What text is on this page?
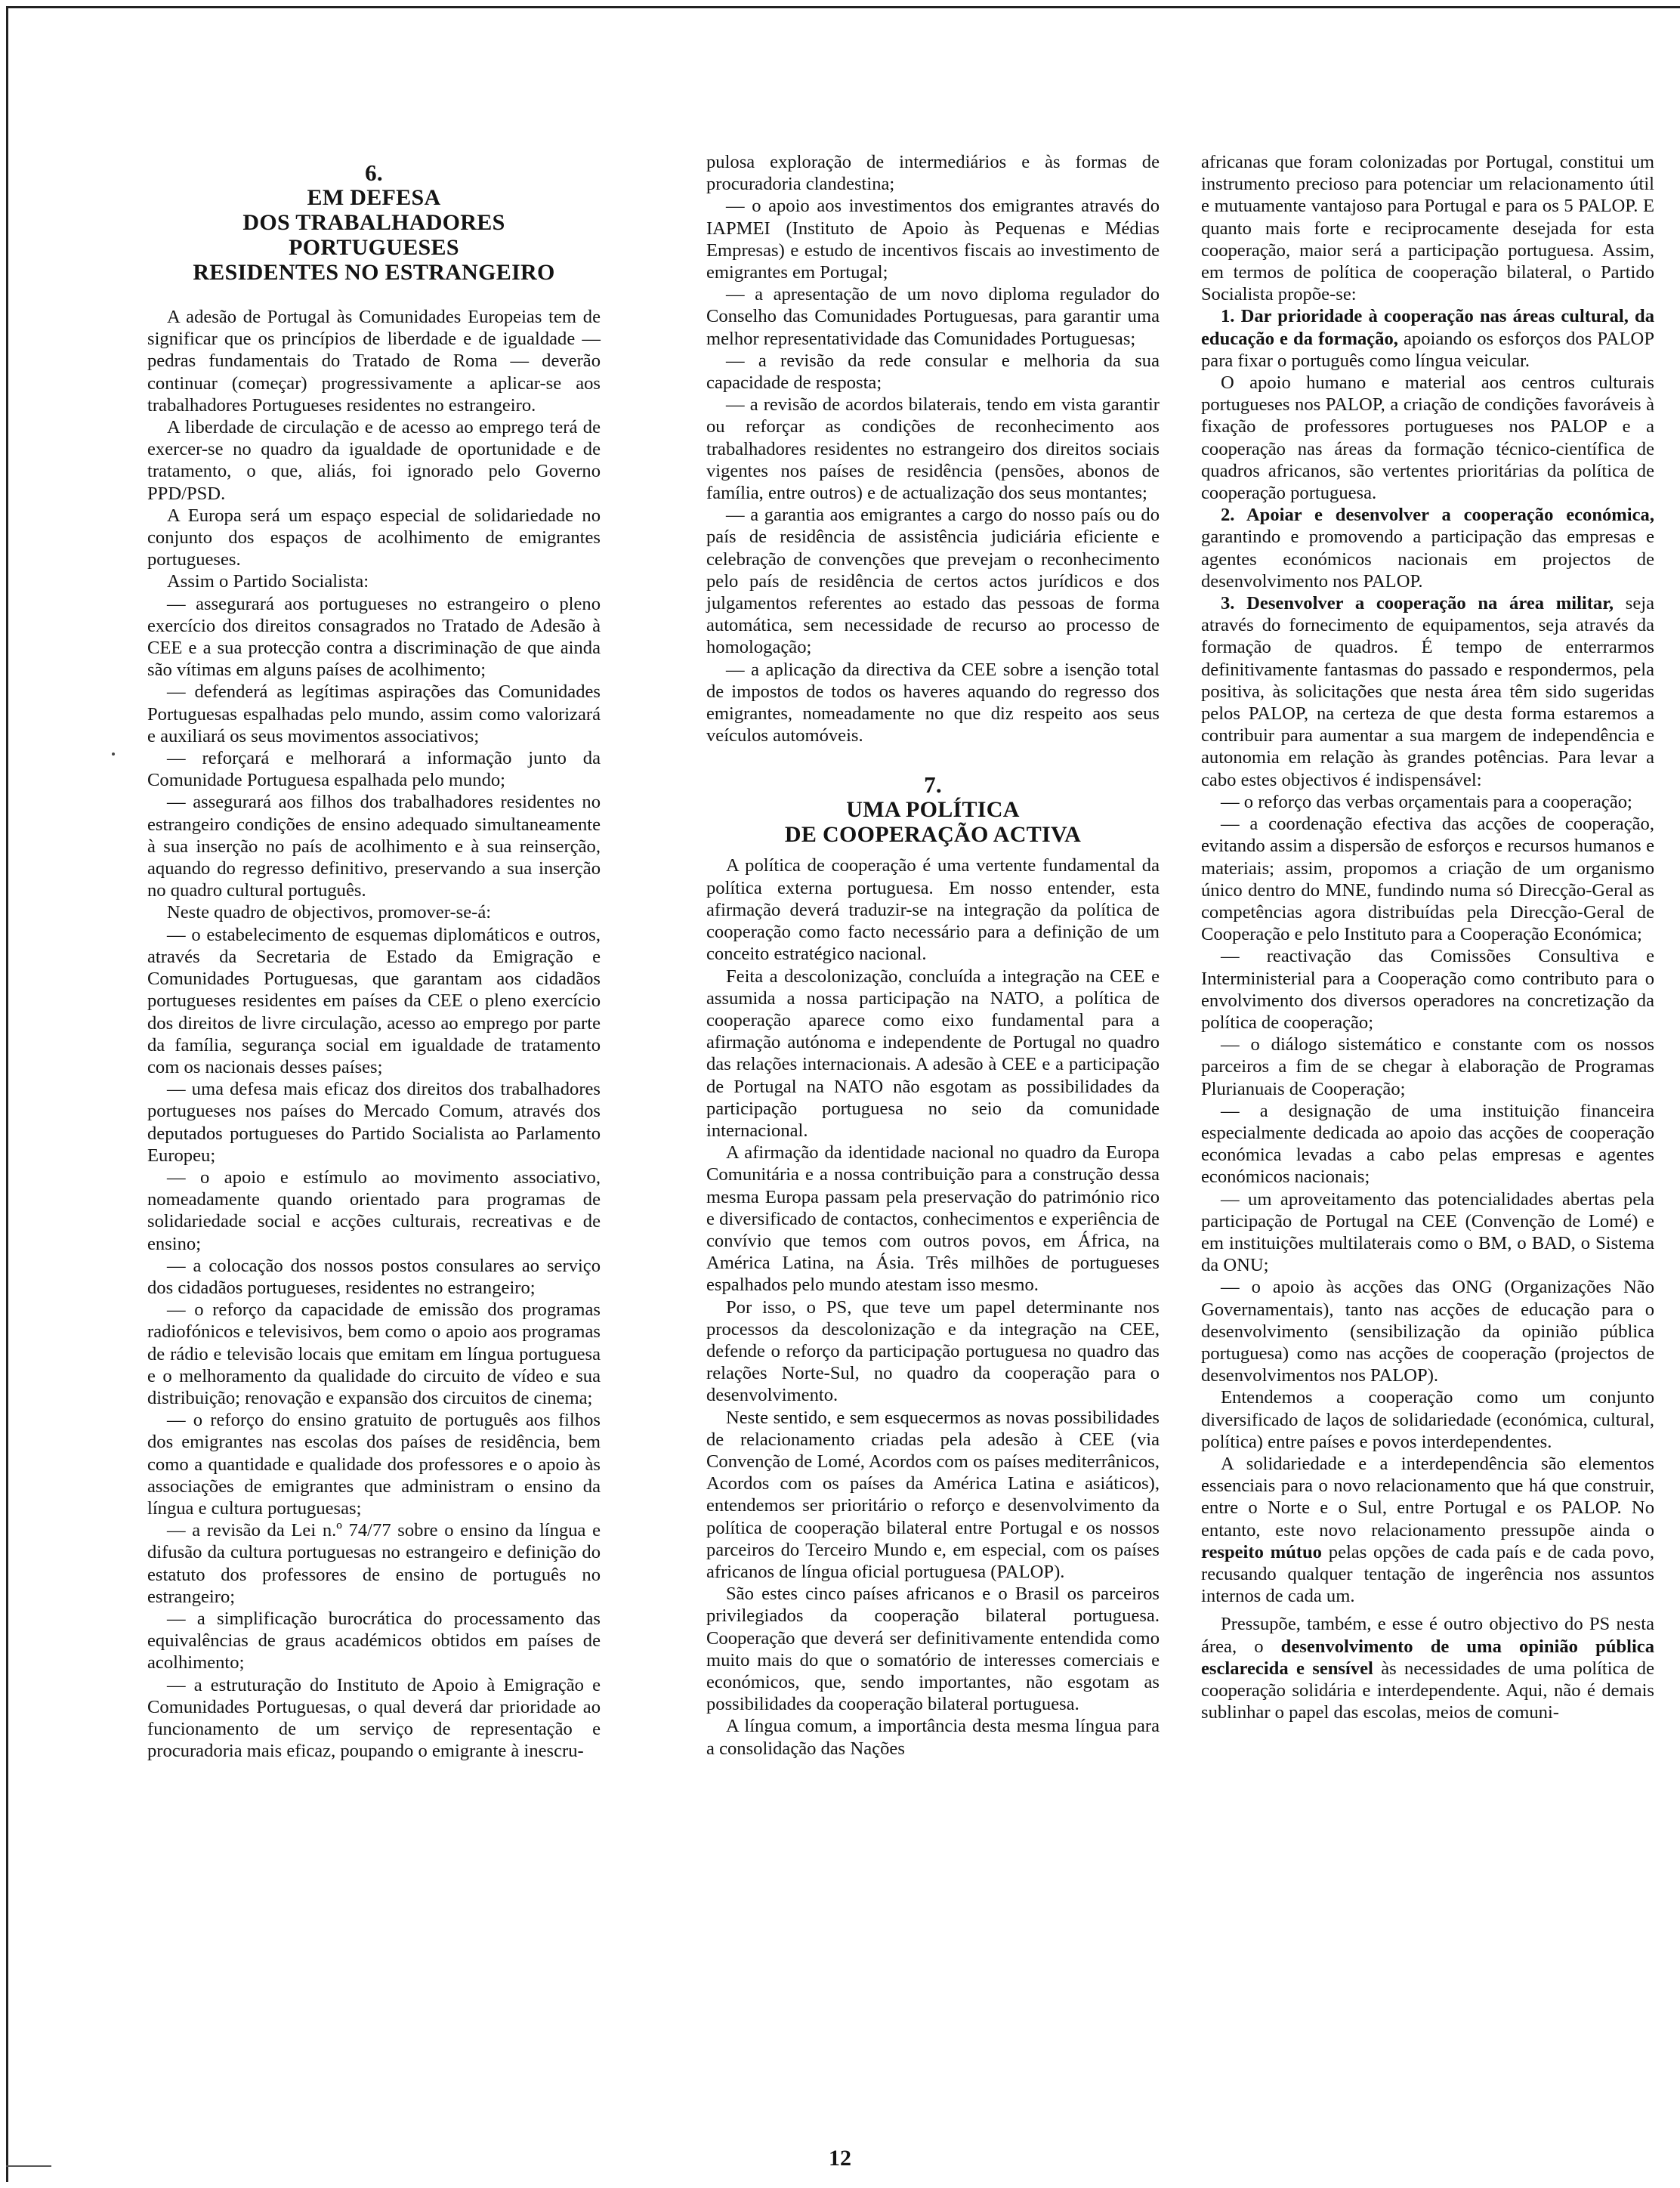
6.
EM DEFESA
DOS TRABALHADORES
PORTUGUESES
RESIDENTES NO ESTRANGEIRO

A adesão de Portugal às Comunidades Europeias tem de significar que os princípios de liberdade e de igualdade — pedras fundamentais do Tratado de Roma — deverão continuar (começar) progressivamente a aplicar-se aos trabalhadores Portugueses residentes no estrangeiro.

A liberdade de circulação e de acesso ao emprego terá de exercer-se no quadro da igualdade de oportunidade e de tratamento, o que, aliás, foi ignorado pelo Governo PPD/PSD.

A Europa será um espaço especial de solidariedade no conjunto dos espaços de acolhimento de emigrantes portugueses.

Assim o Partido Socialista:

— assegurará aos portugueses no estrangeiro o pleno exercício dos direitos consagrados no Tratado de Adesão à CEE e a sua protecção contra a discriminação de que ainda são vítimas em alguns países de acolhimento;

— defenderá as legítimas aspirações das Comunidades Portuguesas espalhadas pelo mundo, assim como valorizará e auxiliará os seus movimentos associativos;

— reforçará e melhorará a informação junto da Comunidade Portuguesa espalhada pelo mundo;

— assegurará aos filhos dos trabalhadores residentes no estrangeiro condições de ensino adequado simultaneamente à sua inserção no país de acolhimento e à sua reinserção, aquando do regresso definitivo, preservando a sua inserção no quadro cultural português.

Neste quadro de objectivos, promover-se-á:

— o estabelecimento de esquemas diplomáticos e outros, através da Secretaria de Estado da Emigração e Comunidades Portuguesas, que garantam aos cidadãos portugueses residentes em países da CEE o pleno exercício dos direitos de livre circulação, acesso ao emprego por parte da família, segurança social em igualdade de tratamento com os nacionais desses países;

— uma defesa mais eficaz dos direitos dos trabalhadores portugueses nos países do Mercado Comum, através dos deputados portugueses do Partido Socialista ao Parlamento Europeu;

— o apoio e estímulo ao movimento associativo, nomeadamente quando orientado para programas de solidariedade social e acções culturais, recreativas e de ensino;

— a colocação dos nossos postos consulares ao serviço dos cidadãos portugueses, residentes no estrangeiro;

— o reforço da capacidade de emissão dos programas radiofónicos e televisivos, bem como o apoio aos programas de rádio e televisão locais que emitam em língua portuguesa e o melhoramento da qualidade do circuito de vídeo e sua distribuição; renovação e expansão dos circuitos de cinema;

— o reforço do ensino gratuito de português aos filhos dos emigrantes nas escolas dos países de residência, bem como a quantidade e qualidade dos professores e o apoio às associações de emigrantes que administram o ensino da língua e cultura portuguesas;

— a revisão da Lei n.º 74/77 sobre o ensino da língua e difusão da cultura portuguesas no estrangeiro e definição do estatuto dos professores de ensino de português no estrangeiro;

— a simplificação burocrática do processamento das equivalências de graus académicos obtidos em países de acolhimento;

— a estruturação do Instituto de Apoio à Emigração e Comunidades Portuguesas, o qual deverá dar prioridade ao funcionamento de um serviço de representação e procuradoria mais eficaz, poupando o emigrante à inescru-

pulosa exploração de intermediários e às formas de procuradoria clandestina;

— o apoio aos investimentos dos emigrantes através do IAPMEI (Instituto de Apoio às Pequenas e Médias Empresas) e estudo de incentivos fiscais ao investimento de emigrantes em Portugal;

— a apresentação de um novo diploma regulador do Conselho das Comunidades Portuguesas, para garantir uma melhor representatividade das Comunidades Portuguesas;

— a revisão da rede consular e melhoria da sua capacidade de resposta;

— a revisão de acordos bilaterais, tendo em vista garantir ou reforçar as condições de reconhecimento aos trabalhadores residentes no estrangeiro dos direitos sociais vigentes nos países de residência (pensões, abonos de família, entre outros) e de actualização dos seus montantes;

— a garantia aos emigrantes a cargo do nosso país ou do país de residência de assistência judiciária eficiente e celebração de convenções que prevejam o reconhecimento pelo país de residência de certos actos jurídicos e dos julgamentos referentes ao estado das pessoas de forma automática, sem necessidade de recurso ao processo de homologação;

— a aplicação da directiva da CEE sobre a isenção total de impostos de todos os haveres aquando do regresso dos emigrantes, nomeadamente no que diz respeito aos seus veículos automóveis.

7.
UMA POLÍTICA
DE COOPERAÇÃO ACTIVA

A política de cooperação é uma vertente fundamental da política externa portuguesa. Em nosso entender, esta afirmação deverá traduzir-se na integração da política de cooperação como facto necessário para a definição de um conceito estratégico nacional.

Feita a descolonização, concluída a integração na CEE e assumida a nossa participação na NATO, a política de cooperação aparece como eixo fundamental para a afirmação autónoma e independente de Portugal no quadro das relações internacionais. A adesão à CEE e a participação de Portugal na NATO não esgotam as possibilidades da participação portuguesa no seio da comunidade internacional.

A afirmação da identidade nacional no quadro da Europa Comunitária e a nossa contribuição para a construção dessa mesma Europa passam pela preservação do património rico e diversificado de contactos, conhecimentos e experiência de convívio que temos com outros povos, em África, na América Latina, na Ásia. Três milhões de portugueses espalhados pelo mundo atestam isso mesmo.

Por isso, o PS, que teve um papel determinante nos processos da descolonização e da integração na CEE, defende o reforço da participação portuguesa no quadro das relações Norte-Sul, no quadro da cooperação para o desenvolvimento.

Neste sentido, e sem esquecermos as novas possibilidades de relacionamento criadas pela adesão à CEE (via Convenção de Lomé, Acordos com os países mediterrânicos, Acordos com os países da América Latina e asiáticos), entendemos ser prioritário o reforço e desenvolvimento da política de cooperação bilateral entre Portugal e os nossos parceiros do Terceiro Mundo e, em especial, com os países africanos de língua oficial portuguesa (PALOP).

São estes cinco países africanos e o Brasil os parceiros privilegiados da cooperação bilateral portuguesa. Cooperação que deverá ser definitivamente entendida como muito mais do que o somatório de interesses comerciais e económicos, que, sendo importantes, não esgotam as possibilidades da cooperação bilateral portuguesa.

A língua comum, a importância desta mesma língua para a consolidação das Nações

africanas que foram colonizadas por Portugal, constitui um instrumento precioso para potenciar um relacionamento útil e mutuamente vantajoso para Portugal e para os 5 PALOP. E quanto mais forte e reciprocamente desejada for esta cooperação, maior será a participação portuguesa. Assim, em termos de política de cooperação bilateral, o Partido Socialista propõe-se:

1. Dar prioridade à cooperação nas áreas cultural, da educação e da formação, apoiando os esforços dos PALOP para fixar o português como língua veicular.

O apoio humano e material aos centros culturais portugueses nos PALOP, a criação de condições favoráveis à fixação de professores portugueses nos PALOP e a cooperação nas áreas da formação técnico-científica de quadros africanos, são vertentes prioritárias da política de cooperação portuguesa.

2. Apoiar e desenvolver a cooperação económica, garantindo e promovendo a participação das empresas e agentes económicos nacionais em projectos de desenvolvimento nos PALOP.

3. Desenvolver a cooperação na área militar, seja através do fornecimento de equipamentos, seja através da formação de quadros. É tempo de enterrarmos definitivamente fantasmas do passado e respondermos, pela positiva, às solicitações que nesta área têm sido sugeridas pelos PALOP, na certeza de que desta forma estaremos a contribuir para aumentar a sua margem de independência e autonomia em relação às grandes potências. Para levar a cabo estes objectivos é indispensável:

— o reforço das verbas orçamentais para a cooperação;

— a coordenação efectiva das acções de cooperação, evitando assim a dispersão de esforços e recursos humanos e materiais; assim, propomos a criação de um organismo único dentro do MNE, fundindo numa só Direcção-Geral as competências agora distribuídas pela Direcção-Geral de Cooperação e pelo Instituto para a Cooperação Económica;

— reactivação das Comissões Consultiva e Interministerial para a Cooperação como contributo para o envolvimento dos diversos operadores na concretização da política de cooperação;

— o diálogo sistemático e constante com os nossos parceiros a fim de se chegar à elaboração de Programas Plurianuais de Cooperação;

— a designação de uma instituição financeira especialmente dedicada ao apoio das acções de cooperação económica levadas a cabo pelas empresas e agentes económicos nacionais;

— um aproveitamento das potencialidades abertas pela participação de Portugal na CEE (Convenção de Lomé) e em instituições multilaterais como o BM, o BAD, o Sistema da ONU;

— o apoio às acções das ONG (Organizações Não Governamentais), tanto nas acções de educação para o desenvolvimento (sensibilização da opinião pública portuguesa) como nas acções de cooperação (projectos de desenvolvimentos nos PALOP).

Entendemos a cooperação como um conjunto diversificado de laços de solidariedade (económica, cultural, política) entre países e povos interdependentes.

A solidariedade e a interdependência são elementos essenciais para o novo relacionamento que há que construir, entre o Norte e o Sul, entre Portugal e os PALOP. No entanto, este novo relacionamento pressupõe ainda o respeito mútuo pelas opções de cada país e de cada povo, recusando qualquer tentação de ingerência nos assuntos internos de cada um.

Pressupõe, também, e esse é outro objectivo do PS nesta área, o desenvolvimento de uma opinião pública esclarecida e sensível às necessidades de uma política de cooperação solidária e interdependente. Aqui, não é demais sublinhar o papel das escolas, meios de comuni-

12
